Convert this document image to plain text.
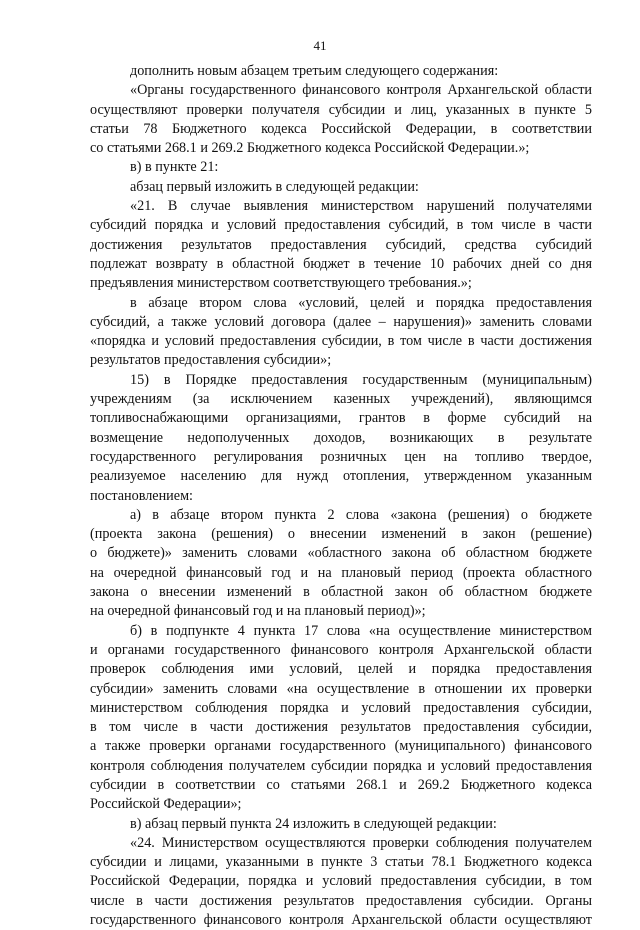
41
дополнить новым абзацем третьим следующего содержания:
«Органы государственного финансового контроля Архангельской области
осуществляют проверки получателя субсидии и лиц, указанных в пункте 5
статьи 78 Бюджетного кодекса Российской Федерации, в соответствии
со статьями 268.1 и 269.2 Бюджетного кодекса Российской Федерации.»;
в) в пункте 21:
абзац первый изложить в следующей редакции:
«21. В случае выявления министерством нарушений получателями
субсидий порядка и условий предоставления субсидий, в том числе в части
достижения результатов предоставления субсидий, средства субсидий
подлежат возврату в областной бюджет в течение 10 рабочих дней со дня
предъявления министерством соответствующего требования.»;
в абзаце втором слова «условий, целей и порядка предоставления
субсидий, а также условий договора (далее – нарушения)» заменить словами
«порядка и условий предоставления субсидии, в том числе в части достижения
результатов предоставления субсидии»;
15) в Порядке предоставления государственным (муниципальным)
учреждениям (за исключением казенных учреждений), являющимся
топливоснабжающими организациями, грантов в форме субсидий на
возмещение недополученных доходов, возникающих в результате
государственного регулирования розничных цен на топливо твердое,
реализуемое населению для нужд отопления, утвержденном указанным
постановлением:
а) в абзаце втором пункта 2 слова «закона (решения) о бюджете
(проекта закона (решения) о внесении изменений в закон (решение)
о бюджете)» заменить словами «областного закона об областном бюджете
на очередной финансовый год и на плановый период (проекта областного
закона о внесении изменений в областной закон об областном бюджете
на очередной финансовый год и на плановый период)»;
б) в подпункте 4 пункта 17 слова «на осуществление министерством
и органами государственного финансового контроля Архангельской области
проверок соблюдения ими условий, целей и порядка предоставления
субсидии» заменить словами «на осуществление в отношении их проверки
министерством соблюдения порядка и условий предоставления субсидии,
в том числе в части достижения результатов предоставления субсидии,
а также проверки органами государственного (муниципального) финансового
контроля соблюдения получателем субсидии порядка и условий предоставления
субсидии в соответствии со статьями 268.1 и 269.2 Бюджетного кодекса
Российской Федерации»;
в) абзац первый пункта 24 изложить в следующей редакции:
«24. Министерством осуществляются проверки соблюдения получателем
субсидии и лицами, указанными в пункте 3 статьи 78.1 Бюджетного кодекса
Российской Федерации, порядка и условий предоставления субсидии, в том
числе в части достижения результатов предоставления субсидии. Органы
государственного финансового контроля Архангельской области осуществляют
